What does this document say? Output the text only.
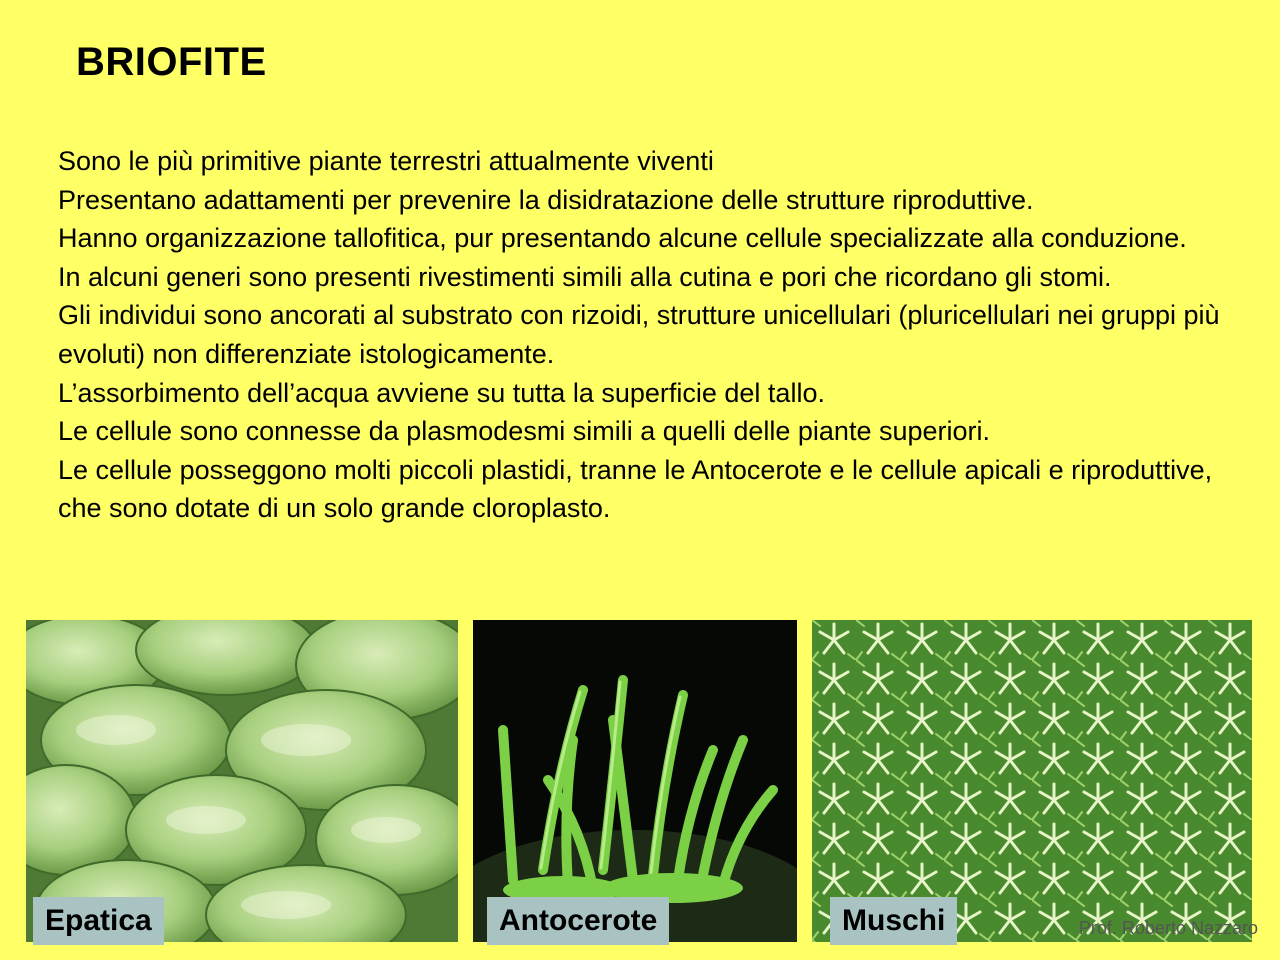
BRIOFITE

Sono le più primitive piante terrestri attualmente viventi

Presentano adattamenti per prevenire la disidratazione delle strutture riproduttive.

Hanno organizzazione tallofitica, pur presentando alcune cellule specializzate alla conduzione.

In alcuni generi sono presenti rivestimenti simili alla cutina e pori che ricordano gli stomi.

Gli individui sono ancorati al substrato con rizoidi, strutture unicellulari (pluricellulari nei gruppi più evoluti) non differenziate istologicamente.

L’assorbimento dell’acqua avviene su tutta la superficie del tallo.

Le cellule sono connesse da plasmodesmi simili a quelli delle piante superiori.

Le cellule posseggono molti piccoli plastidi, tranne le Antocerote e le cellule apicali e riproduttive, che sono dotate di un solo grande cloroplasto.

Epatica	Antocerote	Muschi	Prof. Roberto Nazzaro
